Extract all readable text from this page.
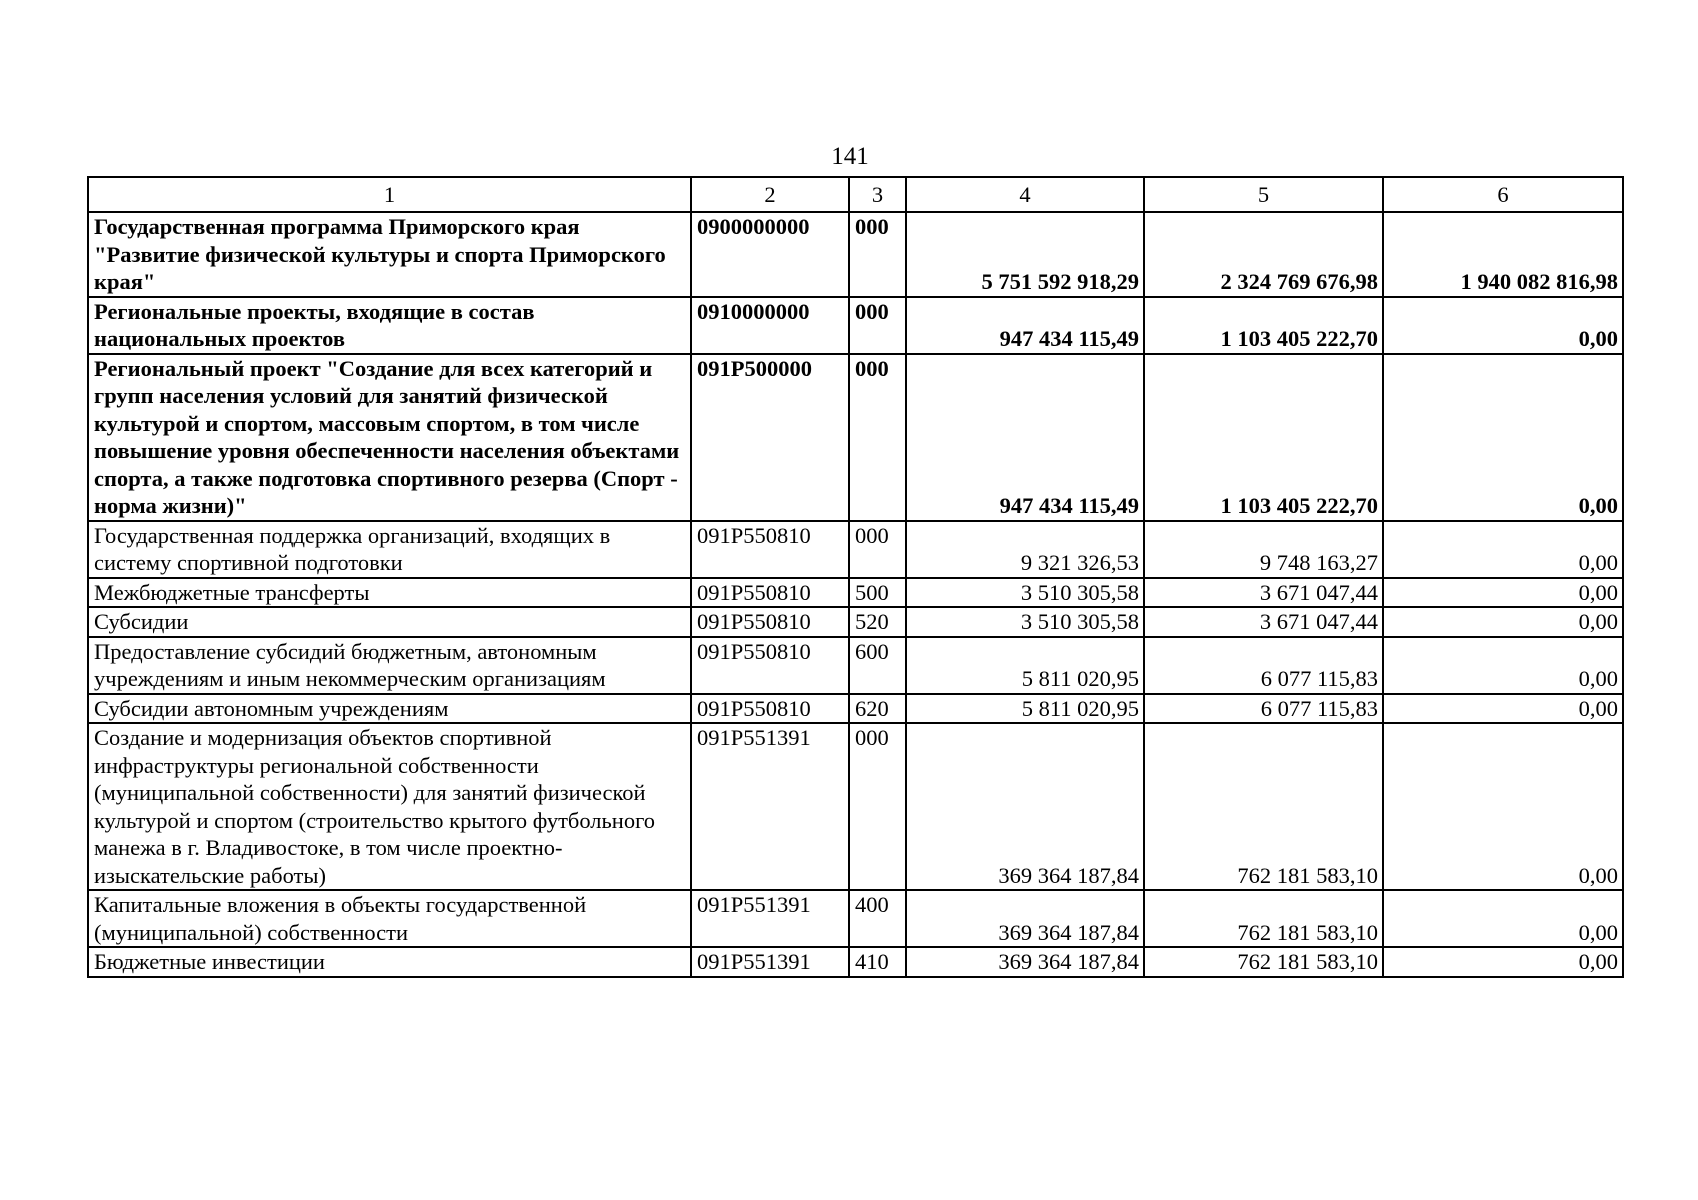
141
1	2	3	4	5	6
Государственная программа Приморского края "Развитие физической культуры и спорта Приморского края"	0900000000	000	5 751 592 918,29	2 324 769 676,98	1 940 082 816,98
Региональные проекты, входящие в состав национальных проектов	0910000000	000	947 434 115,49	1 103 405 222,70	0,00
Региональный проект "Создание для всех категорий и групп населения условий для занятий физической культурой и спортом, массовым спортом, в том числе повышение уровня обеспеченности населения объектами спорта, а также подготовка спортивного резерва (Спорт - норма жизни)"	091P500000	000	947 434 115,49	1 103 405 222,70	0,00
Государственная поддержка организаций, входящих в систему спортивной подготовки	091P550810	000	9 321 326,53	9 748 163,27	0,00
Межбюджетные трансферты	091P550810	500	3 510 305,58	3 671 047,44	0,00
Субсидии	091P550810	520	3 510 305,58	3 671 047,44	0,00
Предоставление субсидий бюджетным, автономным учреждениям и иным некоммерческим организациям	091P550810	600	5 811 020,95	6 077 115,83	0,00
Субсидии автономным учреждениям	091P550810	620	5 811 020,95	6 077 115,83	0,00
Создание и модернизация объектов спортивной инфраструктуры региональной собственности (муниципальной собственности) для занятий физической культурой и спортом (строительство крытого футбольного манежа в г. Владивостоке, в том числе проектно-изыскательские работы)	091P551391	000	369 364 187,84	762 181 583,10	0,00
Капитальные вложения в объекты государственной (муниципальной) собственности	091P551391	400	369 364 187,84	762 181 583,10	0,00
Бюджетные инвестиции	091P551391	410	369 364 187,84	762 181 583,10	0,00
